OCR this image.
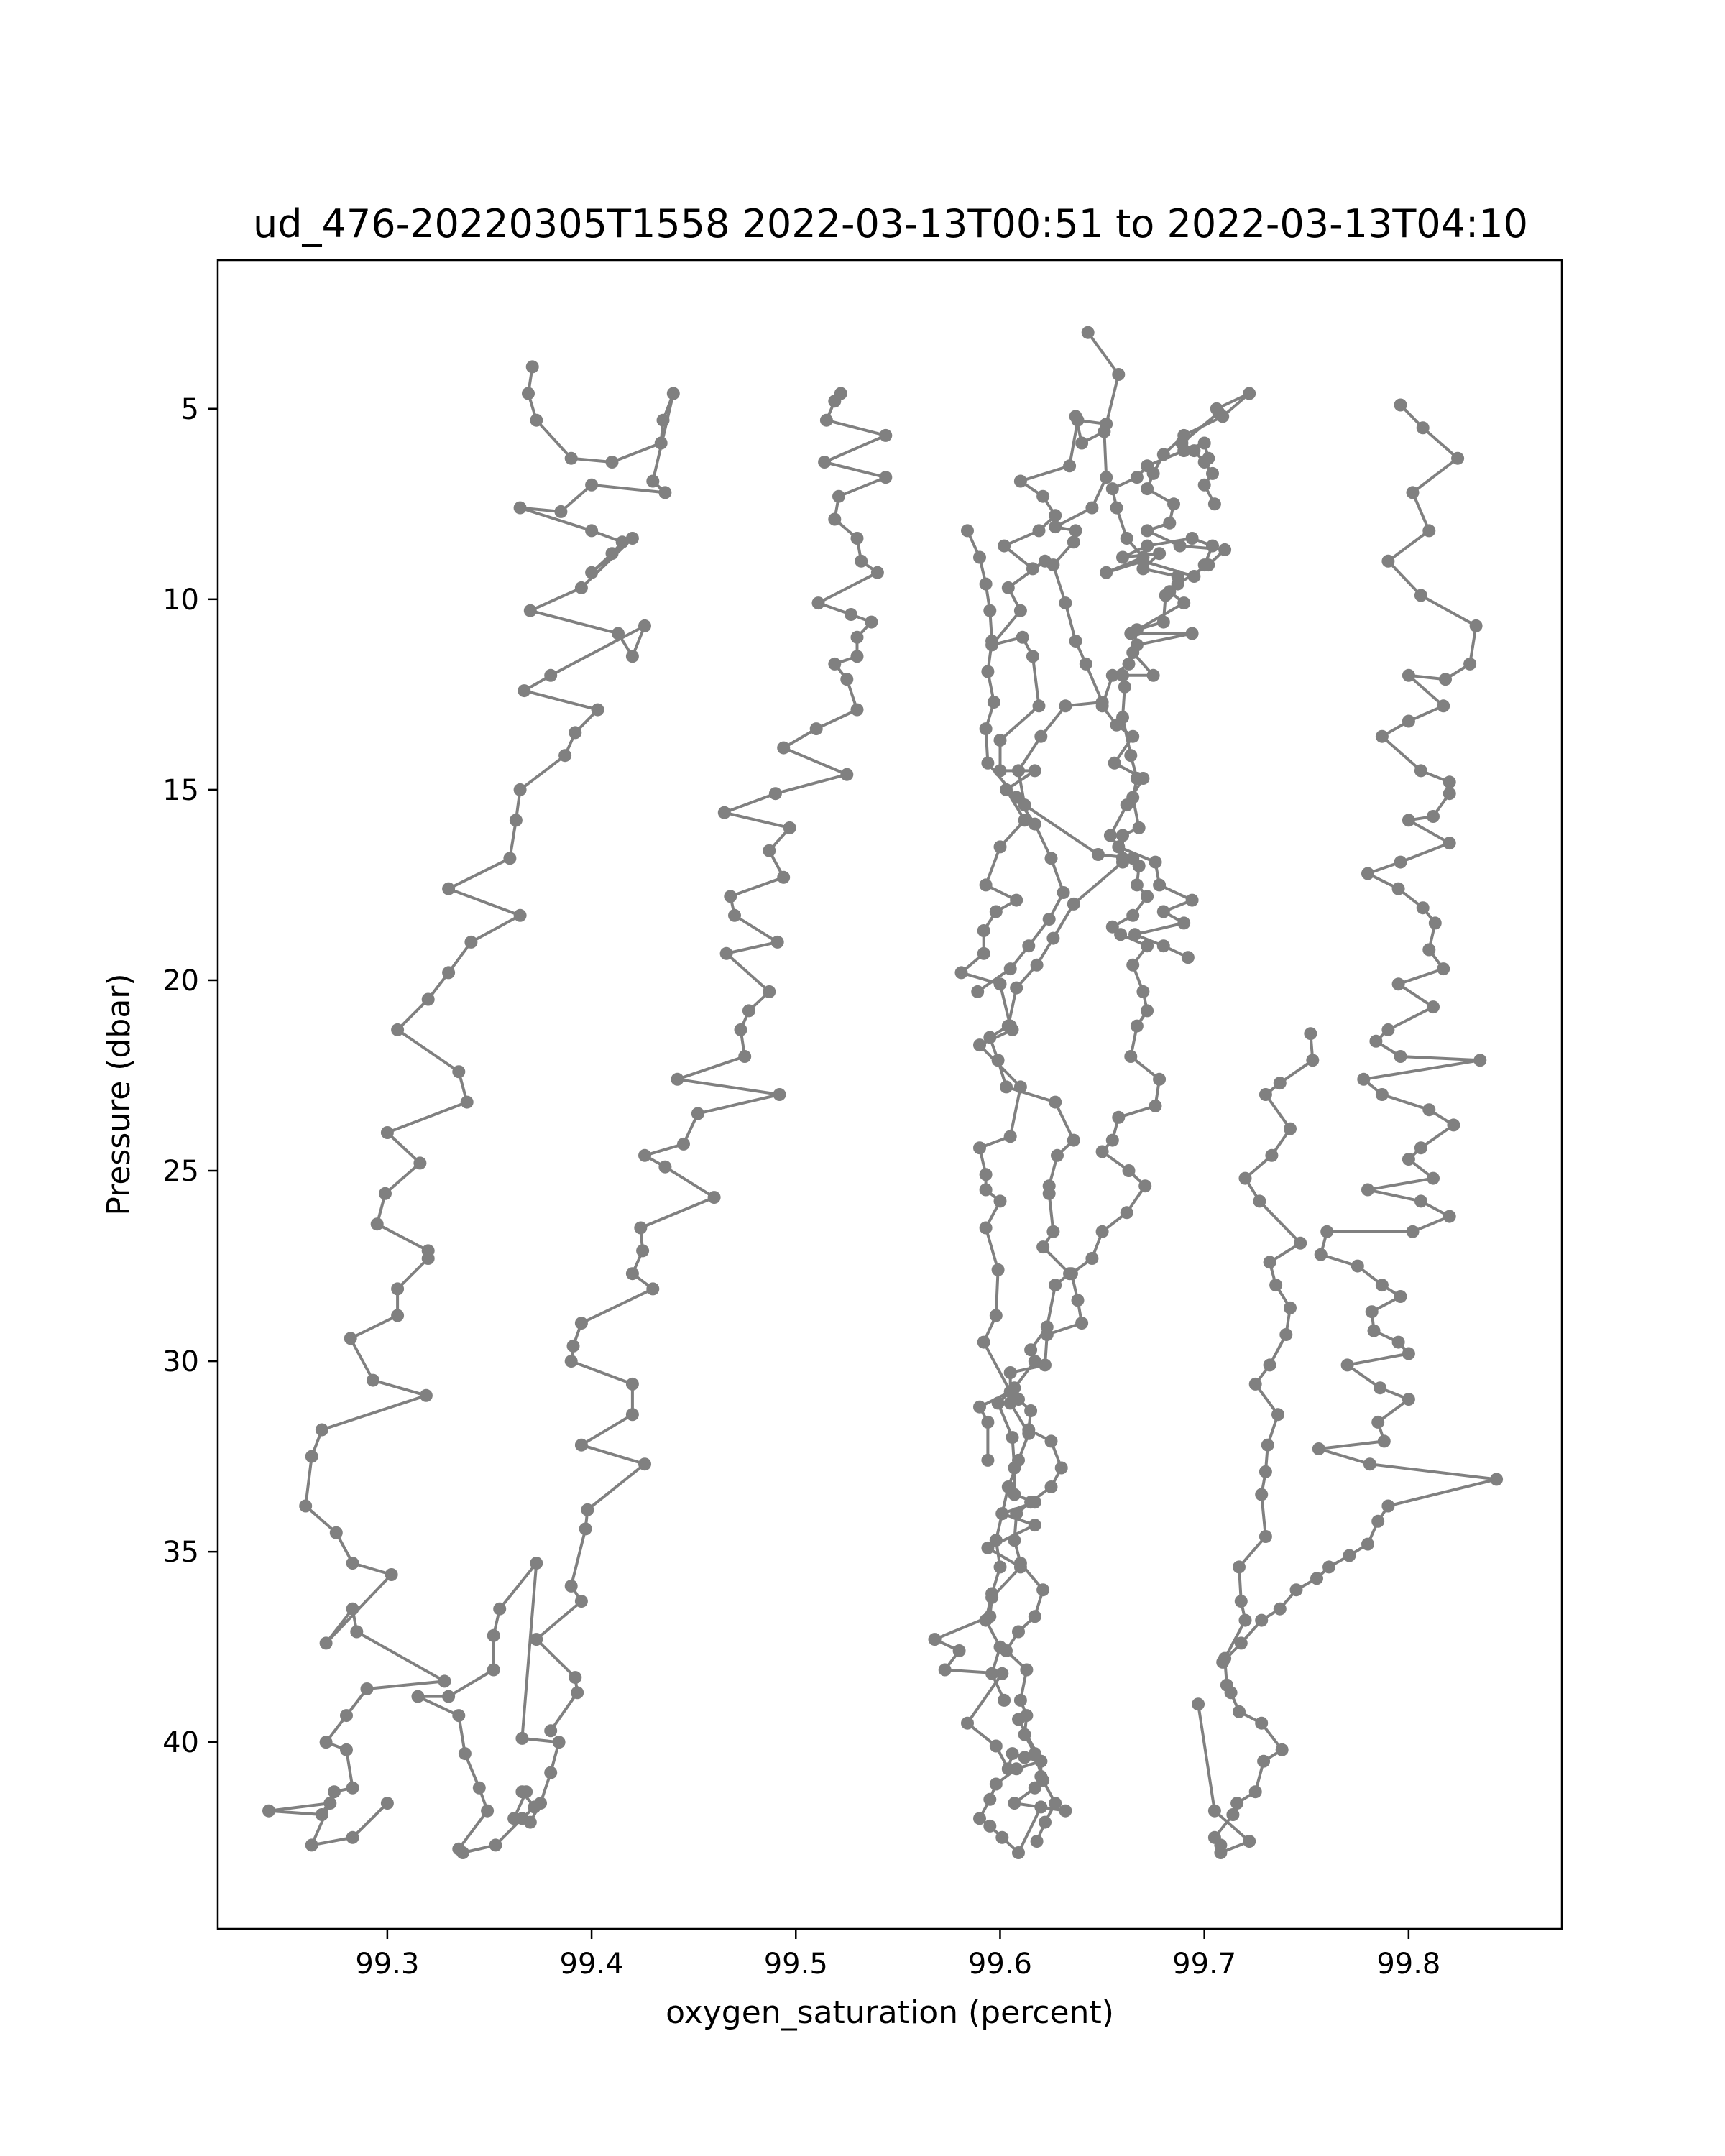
ud_476-20220305T1558 2022-03-13T00:51 to 2022-03-13T04:10
99.3	99.4	99.5	99.6	99.7	99.8
5
10
15
20
25
30
35
40
oxygen_saturation (percent)
Pressure (dbar)
